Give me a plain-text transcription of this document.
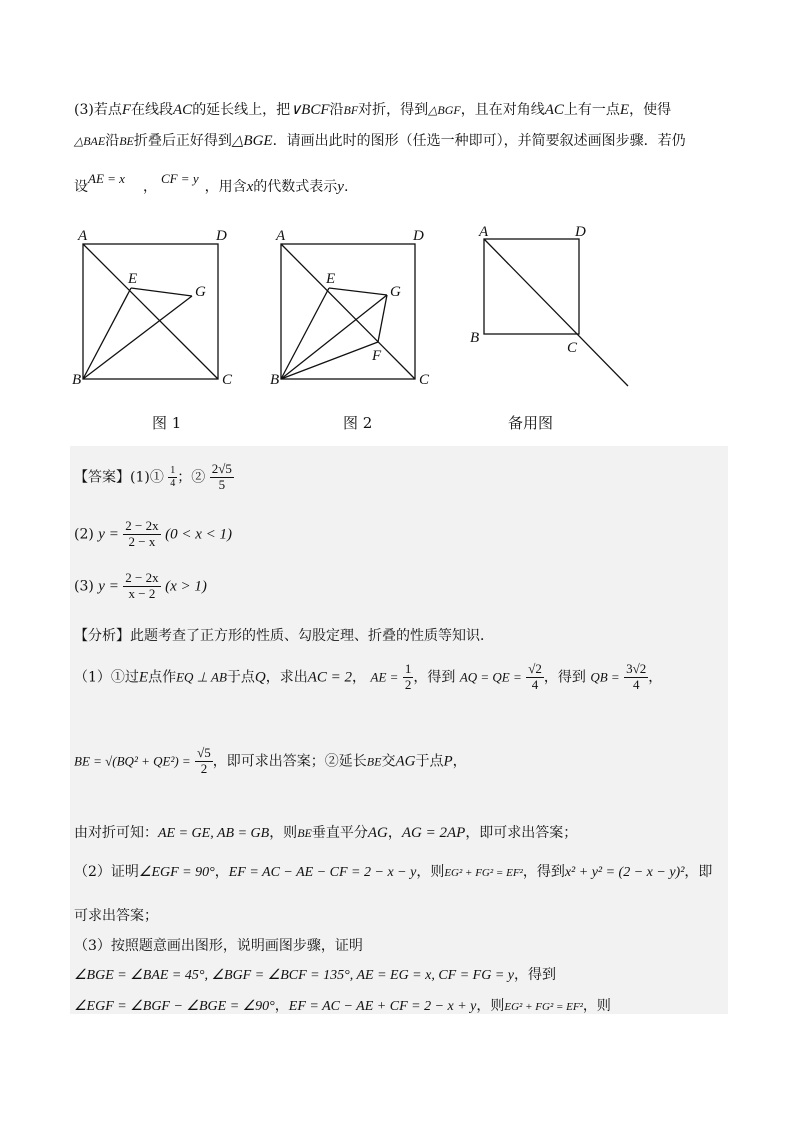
(3)若点F在线段AC的延长线上，把∨BCF沿BF对折，得到△BGF，且在对角线AC上有一点E，使得
△BAE沿BE折叠后正好得到△BGE．请画出此时的图形（任选一种即可），并简要叙述画图步骤．若仍
设AE = x，CF = y，用含x的代数式表示y.
A	D
E
G
B	C
A	D
E
G
F
B	C
A	D
B
C
图 1	图 2	备用图
【答案】(1)① $\frac{1}{4}$ ；② $\frac{2√5}{5}$
(2) $y = \frac{2 - 2x}{2 - x} (0 < x < 1)$
(3) $y = \frac{2 - 2x}{x - 2} (x > 1)$
【分析】此题考查了正方形的性质、勾股定理、折叠的性质等知识．
（1）①过E点作EQ ⊥ AB于点Q，求出AC = 2， AE = $\frac{1}{2}$ ，得到 AQ = QE = $\frac{√2}{4}$ ，得到 QB = $\frac{3√2}{4}$ ，
BE = $√(BQ^2 + QE^2) = \frac{√5}{2}$ ，即可求出答案；②延长BE交AG于点P，
由对折可知：AE = GE, AB = GB，则BE垂直平分AG，AG = 2AP，即可求出答案；
（2）证明∠EGF = 90°，EF = AC − AE − CF = 2 − x − y，则EG² + FG² = EF²，得到x² + y² = (2 − x − y)²，即
可求出答案；
（3）按照题意画出图形，说明画图步骤，证明
∠BGE = ∠BAE = 45°, ∠BGF = ∠BCF = 135°, AE = EG = x, CF = FG = y，得到
∠EGF = ∠BGF − ∠BGE = ∠90°，EF = AC − AE + CF = 2 − x + y，则EG² + FG² = EF²，则
